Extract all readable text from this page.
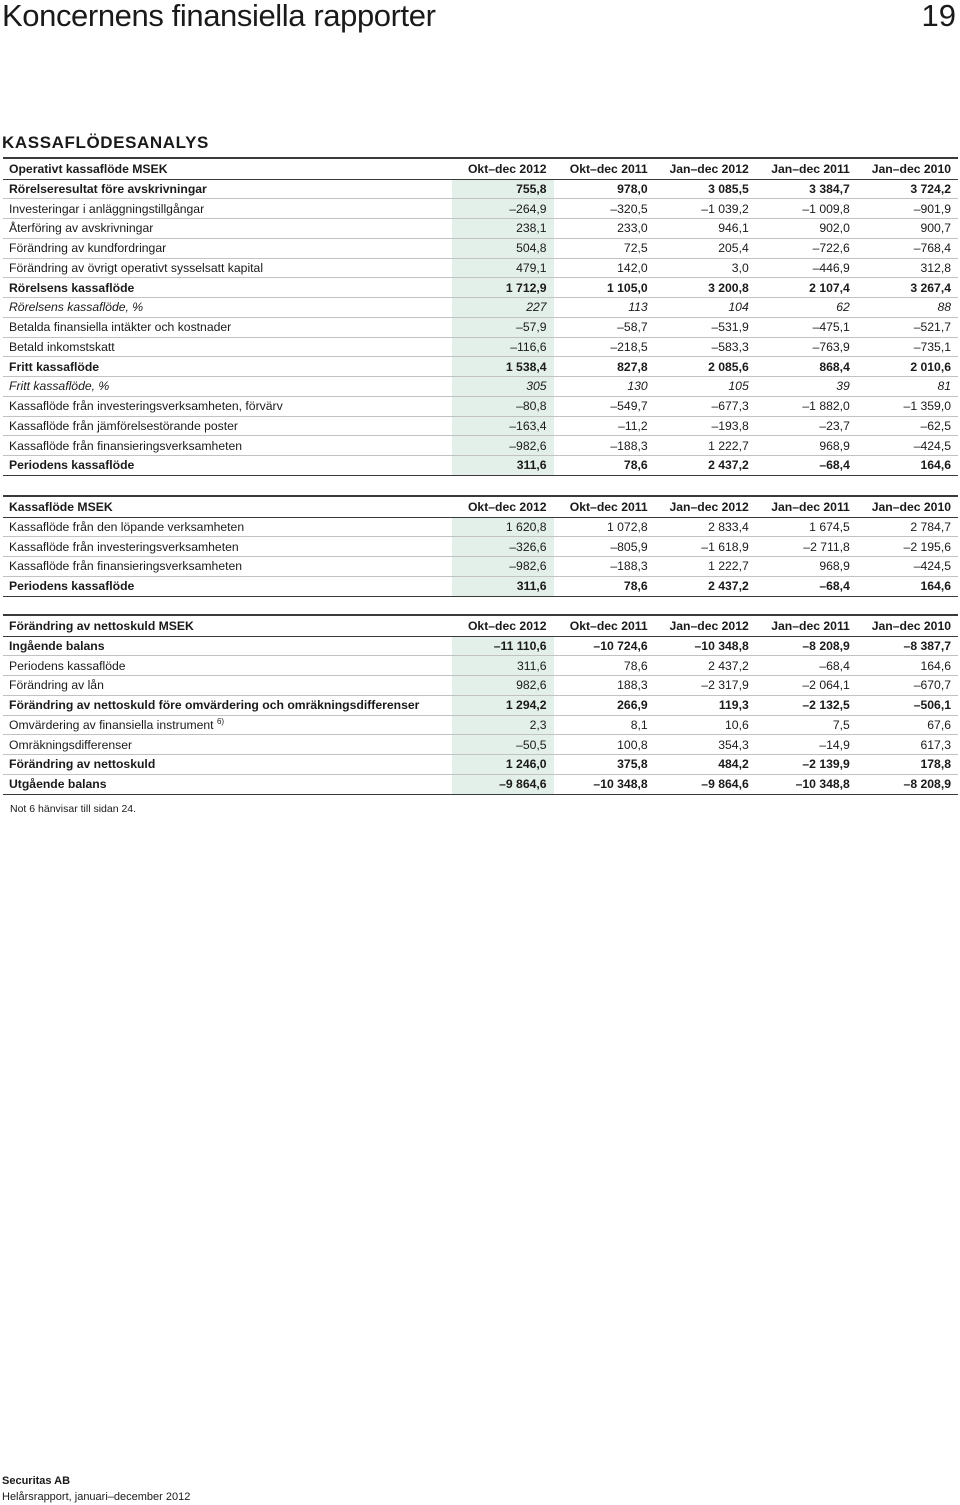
Koncernens finansiella rapporter	19
KASSAFLÖDESANALYS
Operativt kassaflöde MSEK	Okt–dec 2012	Okt–dec 2011	Jan–dec 2012	Jan–dec 2011	Jan–dec 2010
Rörelseresultat före avskrivningar	755,8	978,0	3 085,5	3 384,7	3 724,2
Investeringar i anläggningstillgångar	–264,9	–320,5	–1 039,2	–1 009,8	–901,9
Återföring av avskrivningar	238,1	233,0	946,1	902,0	900,7
Förändring av kundfordringar	504,8	72,5	205,4	–722,6	–768,4
Förändring av övrigt operativt sysselsatt kapital	479,1	142,0	3,0	–446,9	312,8
Rörelsens kassaflöde	1 712,9	1 105,0	3 200,8	2 107,4	3 267,4
Rörelsens kassaflöde, %	227	113	104	62	88
Betalda finansiella intäkter och kostnader	–57,9	–58,7	–531,9	–475,1	–521,7
Betald inkomstskatt	–116,6	–218,5	–583,3	–763,9	–735,1
Fritt kassaflöde	1 538,4	827,8	2 085,6	868,4	2 010,6
Fritt kassaflöde, %	305	130	105	39	81
Kassaflöde från investeringsverksamheten, förvärv	–80,8	–549,7	–677,3	–1 882,0	–1 359,0
Kassaflöde från jämförelsestörande poster	–163,4	–11,2	–193,8	–23,7	–62,5
Kassaflöde från finansieringsverksamheten	–982,6	–188,3	1 222,7	968,9	–424,5
Periodens kassaflöde	311,6	78,6	2 437,2	–68,4	164,6
Kassaflöde MSEK	Okt–dec 2012	Okt–dec 2011	Jan–dec 2012	Jan–dec 2011	Jan–dec 2010
Kassaflöde från den löpande verksamheten	1 620,8	1 072,8	2 833,4	1 674,5	2 784,7
Kassaflöde från investeringsverksamheten	–326,6	–805,9	–1 618,9	–2 711,8	–2 195,6
Kassaflöde från finansieringsverksamheten	–982,6	–188,3	1 222,7	968,9	–424,5
Periodens kassaflöde	311,6	78,6	2 437,2	–68,4	164,6
Förändring av nettoskuld MSEK	Okt–dec 2012	Okt–dec 2011	Jan–dec 2012	Jan–dec 2011	Jan–dec 2010
Ingående balans	–11 110,6	–10 724,6	–10 348,8	–8 208,9	–8 387,7
Periodens kassaflöde	311,6	78,6	2 437,2	–68,4	164,6
Förändring av lån	982,6	188,3	–2 317,9	–2 064,1	–670,7
Förändring av nettoskuld före omvärdering och omräkningsdifferenser	1 294,2	266,9	119,3	–2 132,5	–506,1
Omvärdering av finansiella instrument $^{6)}$	2,3	8,1	10,6	7,5	67,6
Omräkningsdifferenser	–50,5	100,8	354,3	–14,9	617,3
Förändring av nettoskuld	1 246,0	375,8	484,2	–2 139,9	178,8
Utgående balans	–9 864,6	–10 348,8	–9 864,6	–10 348,8	–8 208,9
Not 6 hänvisar till sidan 24.
Securitas AB
Helårsrapport, januari–december 2012
